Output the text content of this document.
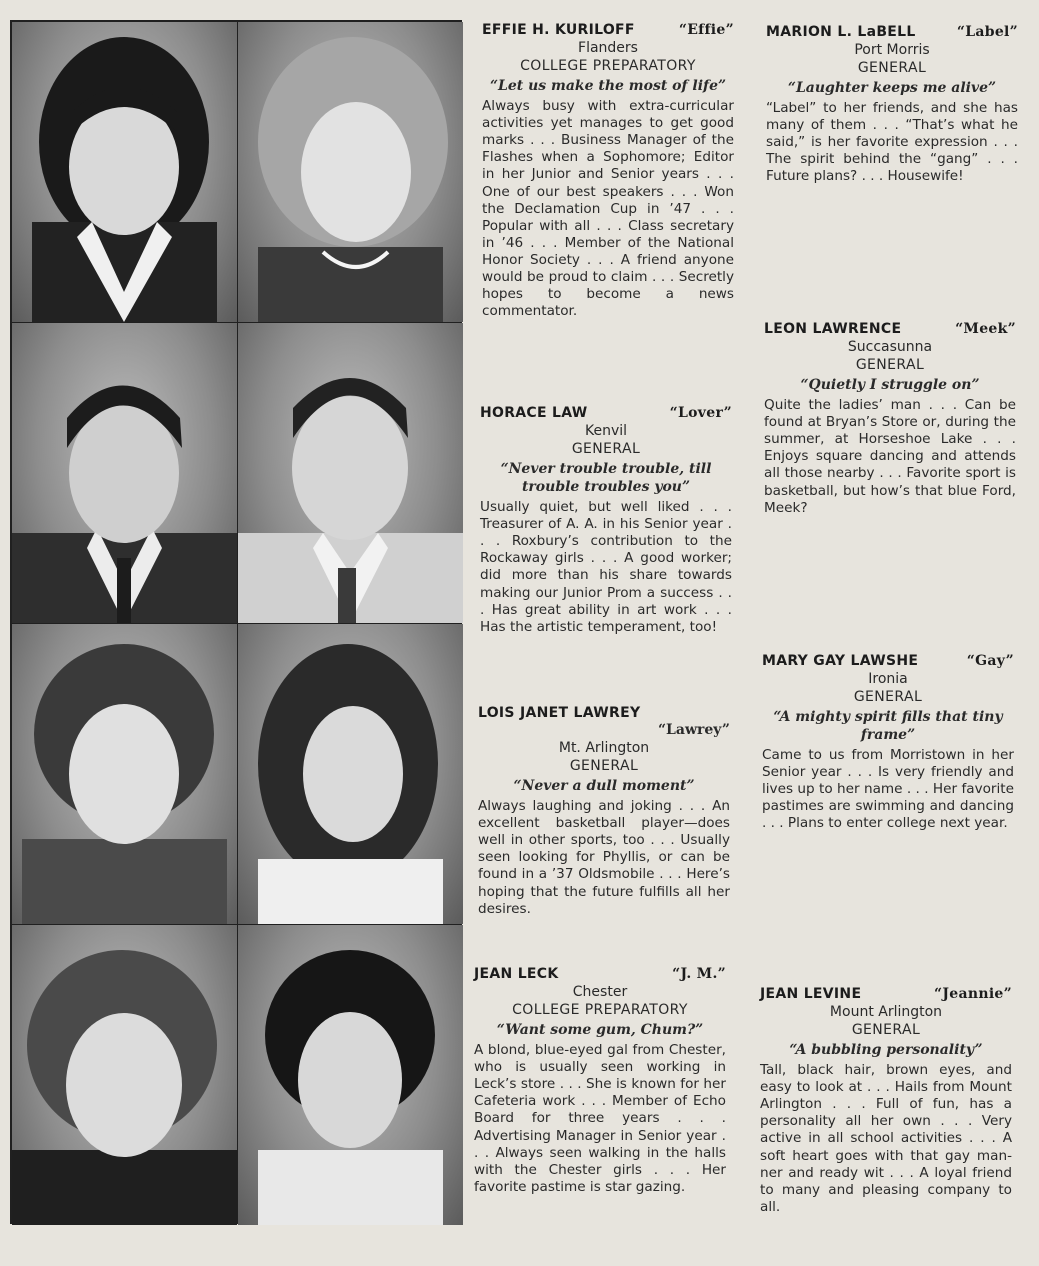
EFFIE H. KURILOFF	“Effie”
Flanders
COLLEGE PREPARATORY
“Let us make the most of life”
Always busy with extra-curricular activities yet manages to get good marks . . . Business Manager of the Flashes when a Sophomore; Editor in her Junior and Senior years . . . One of our best speakers . . . Won the Declamation Cup in ’47 . . . Popular with all . . . Class secretary in ’46 . . . Member of the National Honor Society . . . A friend anyone would be proud to claim . . . Secretly hopes to become a news commentator.
MARION L. LaBELL	“Label”
Port Morris
GENERAL
“Laughter keeps me alive”
“Label” to her friends, and she has many of them . . . “That’s what he said,” is her favorite expression . . . The spirit behind the “gang” . . . Future plans? . . . Housewife!
HORACE LAW	“Lover”
Kenvil
GENERAL
“Never trouble trouble, till trouble troubles you”
Usually quiet, but well liked . . . Treasurer of A. A. in his Senior year . . . Roxbury’s contribution to the Rockaway girls . . . A good worker; did more than his share towards making our Junior Prom a success . . . Has great ability in art work . . . Has the artistic temperament, too!
LEON LAWRENCE	“Meek”
Succasunna
GENERAL
“Quietly I struggle on”
Quite the ladies’ man . . . Can be found at Bryan’s Store or, during the summer, at Horseshoe Lake . . . Enjoys square dancing and attends all those nearby . . . Favorite sport is basketball, but how’s that blue Ford, Meek?
LOIS JANET LAWREY
“Lawrey”
Mt. Arlington
GENERAL
“Never a dull moment”
Always laughing and joking . . . An excellent basketball player—does well in other sports, too . . . Usually seen looking for Phyllis, or can be found in a ’37 Oldsmobile . . . Here’s hoping that the future fulfills all her desires.
MARY GAY LAWSHE	“Gay”
Ironia
GENERAL
“A mighty spirit fills that tiny frame”
Came to us from Morristown in her Senior year . . . Is very friendly and lives up to her name . . . Her favorite pastimes are swimming and dancing . . . Plans to enter college next year.
JEAN LECK	“J. M.”
Chester
COLLEGE PREPARATORY
“Want some gum, Chum?”
A blond, blue-eyed gal from Chester, who is usually seen working in Leck’s store . . . She is known for her Cafeteria work . . . Member of Echo Board for three years . . . Advertising Manager in Senior year . . . Always seen walking in the halls with the Chester girls . . . Her favorite pastime is star gazing.
JEAN LEVINE	“Jeannie”
Mount Arlington
GENERAL
“A bubbling personality”
Tall, black hair, brown eyes, and easy to look at . . . Hails from Mount Arlington . . . Full of fun, has a personality all her own . . . Very active in all school activities . . . A soft heart goes with that gay manner and ready wit . . . A loyal friend to many and pleasing company to all.
